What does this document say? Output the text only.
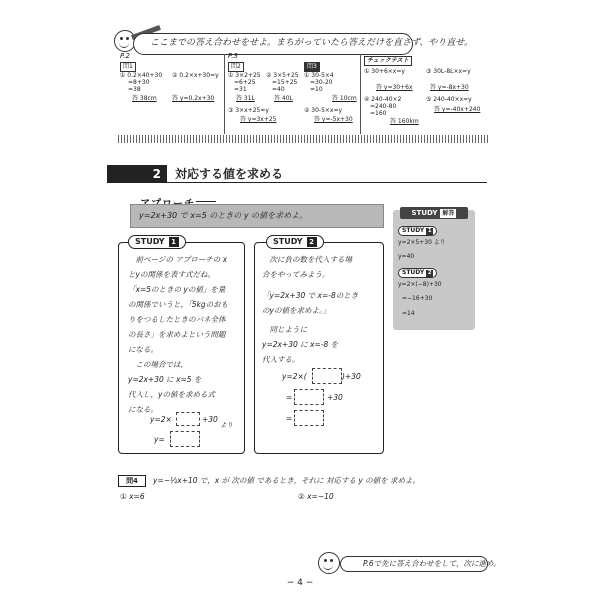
ここまでの答え合わせをせよ。まちがっていたら答えだけを直さず、やり直せ。
P.2
問1
① 0.2×40+30
=8+30
=38
答 38cm
② 0.2×x+30=y
答 y=0.2x+30
P.3
問2	問3
① 3×2+25
=6+25
=31
答 31L
② 3×5+25
=15+25
=40
答 40L
③ 3×x+25=y
答 y=3x+25
① 30-5×4
=30-20
=10
答 10cm
② 30-5×x=y
答 y=-5x+30
チェックテスト
① 30+6×x=y
答 y=30+6x
③ 30L-8L×x=y
答 y=-8x+30
④ 240-40×2
=240-80
=160
答 160km
⑤ 240-40×x=y
答 y=-40x+240
2	対応する値を求める
y=2x+30 で x=5 のときの y の値を求めよ。
STUDY 1
　前ページの アプローチの x
とyの関係を表す式だね。
「x=5のときの yの値」を量
の関係でいうと，「5kgのおも
りをつるしたときのバネ全体
の長さ」を求めよという問題
になる。
　この場合では，
y=2x+30 に x=5 を
代入し，yの値を求める式
になる。
y=2×	+30
より
y=
STUDY 2
　次に負の数を代入する場
合をやってみよう。
「y=2x+30 で x=-8のとき
のyの値を求めよ。」
　同じように
y=2x+30 に x=-8 を
代入する。
y=2×(	)+30
=	+30
=
STUDY 解答
STUDY 1
y=2×5+30 より
y=40
STUDY 2
y=2×(−8)+30
=−16+30
=14
問4	y=−½x+10 で，x が 次の値 であるとき，それに 対応する y の値を 求めよ。
① x=6	② x=−10
P.6で先に答え合わせをして，次に進め。
− 4 −
